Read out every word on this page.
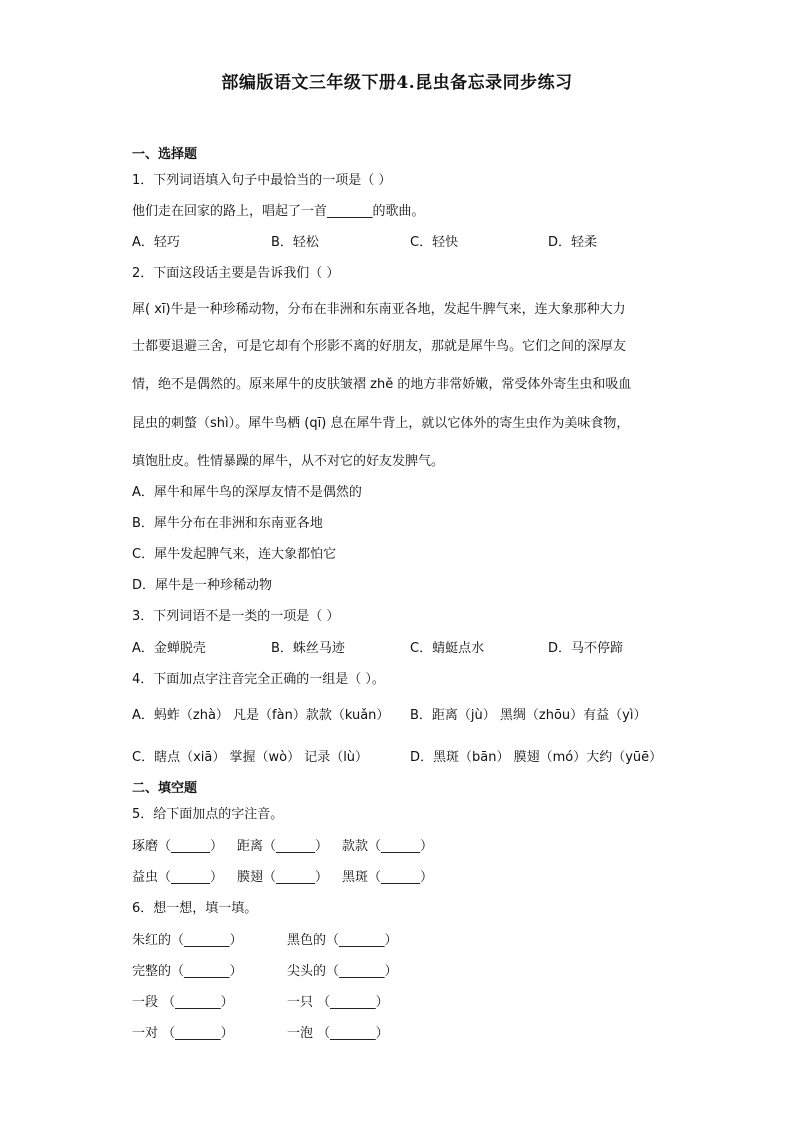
部编版语文三年级下册4.昆虫备忘录同步练习
一、选择题
1．下列词语填入句子中最恰当的一项是（ ）
他们走在回家的路上，唱起了一首_______的歌曲。
A．轻巧	B．轻松	C．轻快	D．轻柔
2．下面这段话主要是告诉我们（ ）
犀( xī)牛是一种珍稀动物，分布在非洲和东南亚各地，发起牛脾气来，连大象那种大力
士都要退避三舍，可是它却有个形影不离的好朋友，那就是犀牛鸟。它们之间的深厚友
情，绝不是偶然的。原来犀牛的皮肤皱褶 zhě 的地方非常娇嫩，常受体外寄生虫和吸血
昆虫的刺螫（shì）。犀牛鸟栖 (qī) 息在犀牛背上，就以它体外的寄生虫作为美味食物，
填饱肚皮。性情暴躁的犀牛，从不对它的好友发脾气。
A．犀牛和犀牛鸟的深厚友情不是偶然的
B．犀牛分布在非洲和东南亚各地
C．犀牛发起脾气来，连大象都怕它
D．犀牛是一种珍稀动物
3．下列词语不是一类的一项是（ ）
A．金蝉脱壳	B．蛛丝马迹	C．蜻蜓点水	D．马不停蹄
4．下面加点字注音完全正确的一组是（ ）。
A．蚂蚱（zhà） 凡是（fàn）款款（kuǎn） B．距离（jù） 黑绸（zhōu）有益（yì）
C．瞎点（xiā） 掌握（wò） 记录（lù）	D．黑斑（bān） 膜翅（mó）大约（yūē）
二、填空题
5．给下面加点的字注音。
琢磨（______） 距离（______） 款款（______）
益虫（______） 膜翅（______） 黑斑（______）
6．想一想，填一填。
朱红的（_______）	黑色的（_______）
完整的（_______）	尖头的（_______）
一段 （_______）	一只 （_______）
一对 （_______）	一泡 （_______）
